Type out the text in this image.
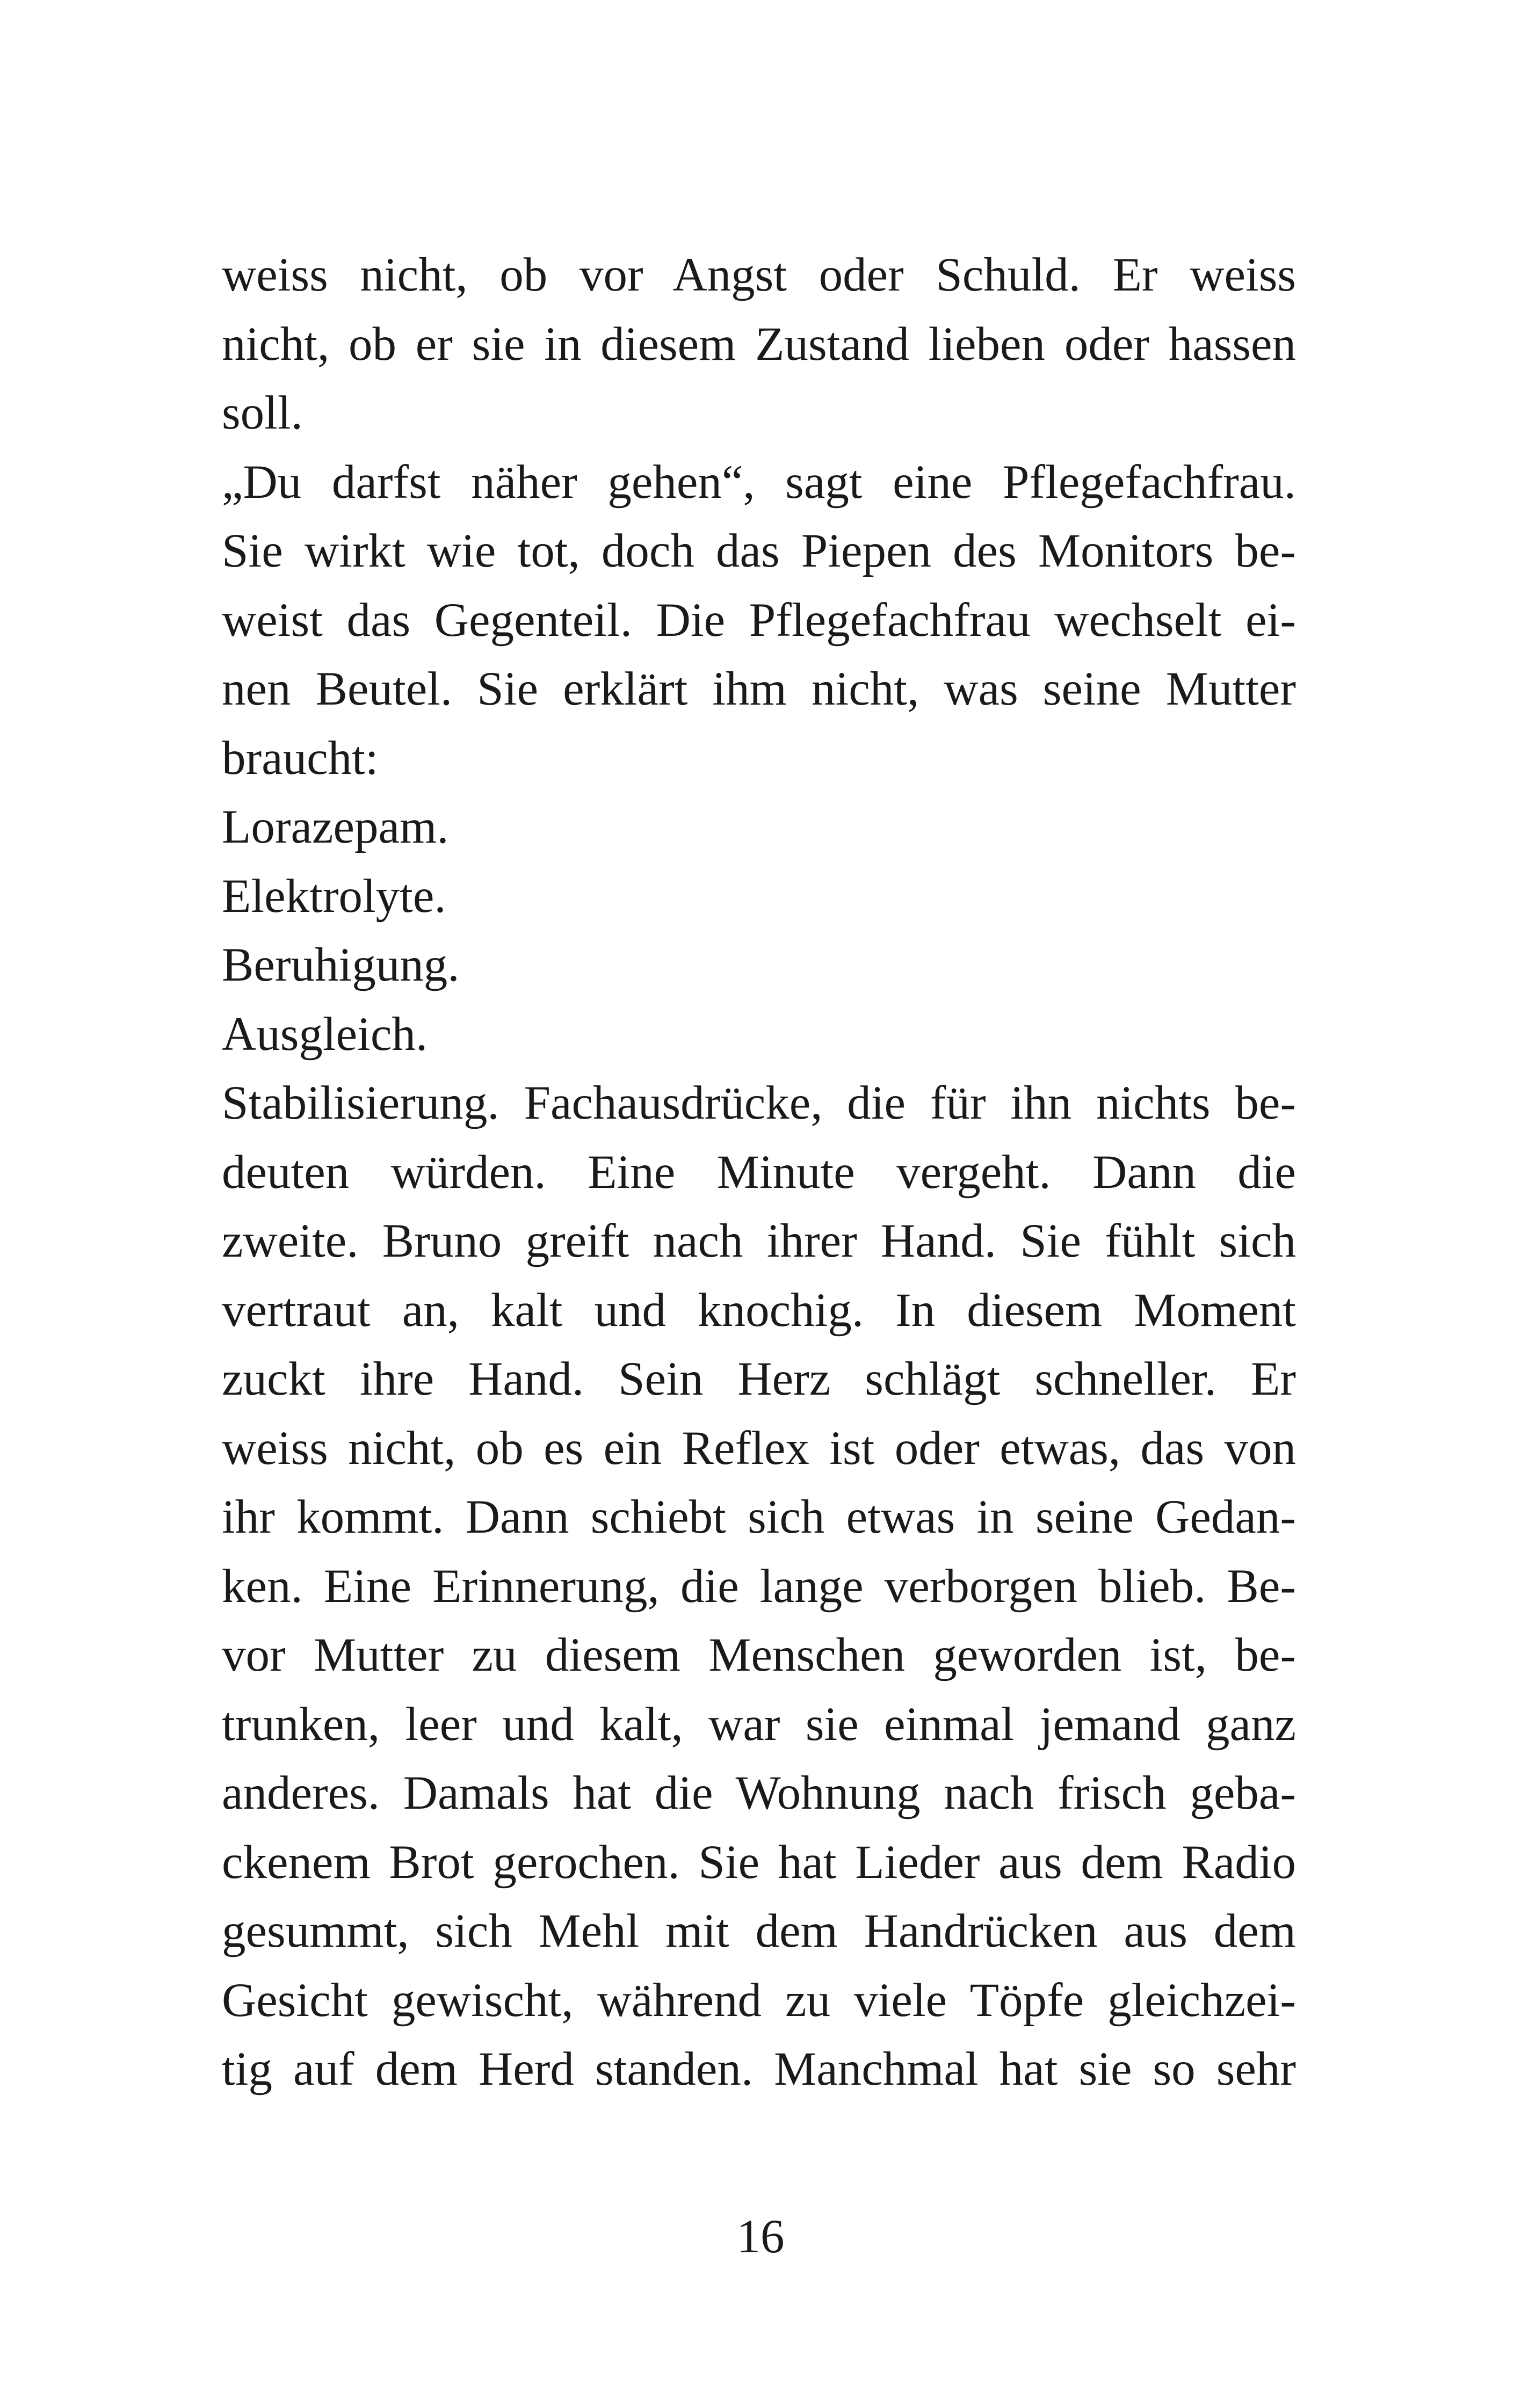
weiss nicht, ob vor Angst oder Schuld. Er weiss
nicht, ob er sie in diesem Zustand lieben oder hassen
soll.
„Du darfst näher gehen“, sagt eine Pflegefachfrau.
Sie wirkt wie tot, doch das Piepen des Monitors be-
weist das Gegenteil. Die Pflegefachfrau wechselt ei-
nen Beutel. Sie erklärt ihm nicht, was seine Mutter
braucht:
Lorazepam.
Elektrolyte.
Beruhigung.
Ausgleich.
Stabilisierung. Fachausdrücke, die für ihn nichts be-
deuten würden. Eine Minute vergeht. Dann die
zweite. Bruno greift nach ihrer Hand. Sie fühlt sich
vertraut an, kalt und knochig. In diesem Moment
zuckt ihre Hand. Sein Herz schlägt schneller. Er
weiss nicht, ob es ein Reflex ist oder etwas, das von
ihr kommt. Dann schiebt sich etwas in seine Gedan-
ken. Eine Erinnerung, die lange verborgen blieb. Be-
vor Mutter zu diesem Menschen geworden ist, be-
trunken, leer und kalt, war sie einmal jemand ganz
anderes. Damals hat die Wohnung nach frisch geba-
ckenem Brot gerochen. Sie hat Lieder aus dem Radio
gesummt, sich Mehl mit dem Handrücken aus dem
Gesicht gewischt, während zu viele Töpfe gleichzei-
tig auf dem Herd standen. Manchmal hat sie so sehr
16
